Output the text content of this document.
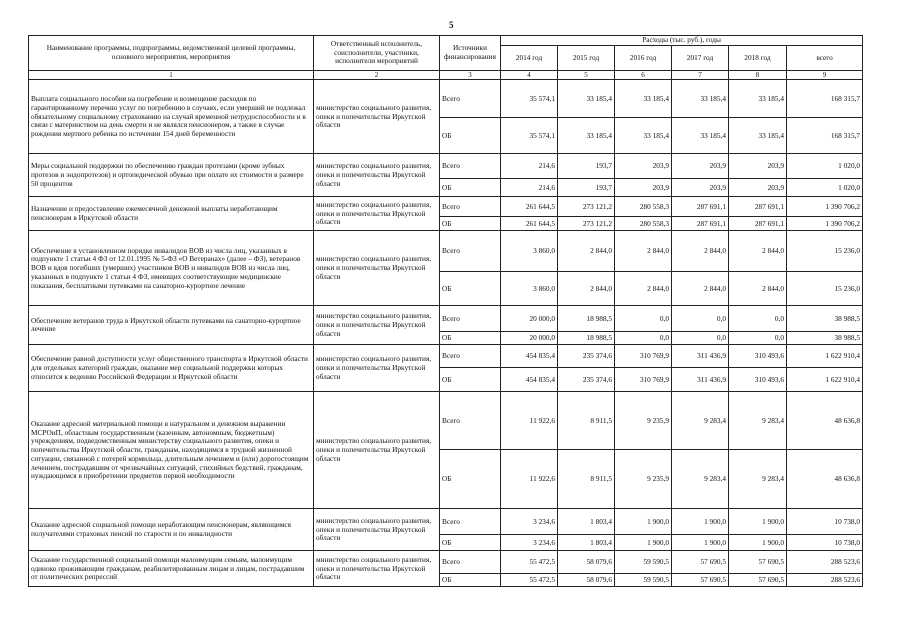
5
Наименование программы, подпрограммы, ведомственной целевой программы, основного мероприятия, мероприятия	Ответственный исполнитель, соисполнители, участники, исполнители мероприятий	Источники финансирования	Расходы (тыс. руб.), годы					
			2014 год	2015 год	2016 год	2017 год	2018 год	всего
1	2	3	4	5	6	7	8	9
Выплата социального пособия на погребение и возмещение расходов по гарантированному перечню услуг по погребению в случаях, если умерший не подлежал обязательному социальному страхованию на случай временной нетрудоспособности и в связи с материнством на день смерти и не являлся пенсионером, а также в случае рождения мертвого ребенка по истечении 154 дней беременности	министерство социального развития, опеки и попечительства Иркутской области	Всего	35 574,1	33 185,4	33 185,4	33 185,4	33 185,4	168 315,7
		ОБ	35 574,1	33 185,4	33 185,4	33 185,4	33 185,4	168 315,7
Меры социальной поддержки по обеспечению граждан протезами (кроме зубных протезов и эндопротезов) и ортопедической обувью при оплате их стоимости в размере 50 процентов	министерство социального развития, опеки и попечительства Иркутской области	Всего	214,6	193,7	203,9	203,9	203,9	1 020,0
		ОБ	214,6	193,7	203,9	203,9	203,9	1 020,0
Назначение и предоставление ежемесячной денежной выплаты неработающим пенсионерам в Иркутской области	министерство социального развития, опеки и попечительства Иркутской области	Всего	261 644,5	273 121,2	280 558,3	287 691,1	287 691,1	1 390 706,2
		ОБ	261 644,5	273 121,2	280 558,3	287 691,1	287 691,1	1 390 706,2
Обеспечение в установленном порядке инвалидов ВОВ из числа лиц, указанных в подпункте 1 статьи 4 ФЗ от 12.01.1995 № 5-ФЗ «О Ветеранах» (далее – ФЗ), ветеранов ВОВ и вдов погибших (умерших) участников ВОВ и инвалидов ВОВ из числа лиц, указанных в подпункте 1 статьи 4 ФЗ, имеющих соответствующие медицинские показания, бесплатными путевками на санаторно-курортное лечение	министерство социального развития, опеки и попечительства Иркутской области	Всего	3 860,0	2 844,0	2 844,0	2 844,0	2 844,0	15 236,0
		ОБ	3 860,0	2 844,0	2 844,0	2 844,0	2 844,0	15 236,0
Обеспечение ветеранов труда в Иркутской области путевками на санаторно-курортное лечение	министерство социального развития, опеки и попечительства Иркутской области	Всего	20 000,0	18 988,5	0,0	0,0	0,0	38 988,5
		ОБ	20 000,0	18 988,5	0,0	0,0	0,0	38 988,5
Обеспечение равной доступности услуг общественного транспорта в Иркутской области для отдельных категорий граждан, оказание мер социальной поддержки которых относится к ведению Российской Федерации и Иркутской области	министерство социального развития, опеки и попечительства Иркутской области	Всего	454 835,4	235 374,6	310 769,9	311 436,9	310 493,6	1 622 910,4
		ОБ	454 835,4	235 374,6	310 769,9	311 436,9	310 493,6	1 622 910,4
Оказание адресной материальной помощи в натуральном и денежном выражении МСРОиП, областным государственным (казенным, автономным, бюджетным) учреждениям, подведомственным министерству социального развития, опеки и попечительства Иркутской области, гражданам, находящимся в трудной жизненной ситуации, связанной с потерей кормильца, длительным лечением и (или) дорогостоящим лечением, пострадавшим от чрезвычайных ситуаций, стихийных бедствий, гражданам, нуждающимся в приобретении предметов первой необходимости	министерство социального развития, опеки и попечительства Иркутской области	Всего	11 922,6	8 911,5	9 235,9	9 283,4	9 283,4	48 636,8
		ОБ	11 922,6	8 911,5	9 235,9	9 283,4	9 283,4	48 636,8
Оказание адресной социальной помощи неработающим пенсионерам, являющимся получателями страховых пенсий по старости и по инвалидности	министерство социального развития, опеки и попечительства Иркутской области	Всего	3 234,6	1 803,4	1 900,0	1 900,0	1 900,0	10 738,0
		ОБ	3 234,6	1 803,4	1 900,0	1 900,0	1 900,0	10 738,0
Оказание государственной социальной помощи малоимущим семьям, малоимущим одиноко проживающим гражданам, реабилитированным лицам и лицам, пострадавшим от политических репрессий	министерство социального развития, опеки и попечительства Иркутской области	Всего	55 472,5	58 079,6	59 590,5	57 690,5	57 690,5	288 523,6
		ОБ	55 472,5	58 079,6	59 590,5	57 690,5	57 690,5	288 523,6
